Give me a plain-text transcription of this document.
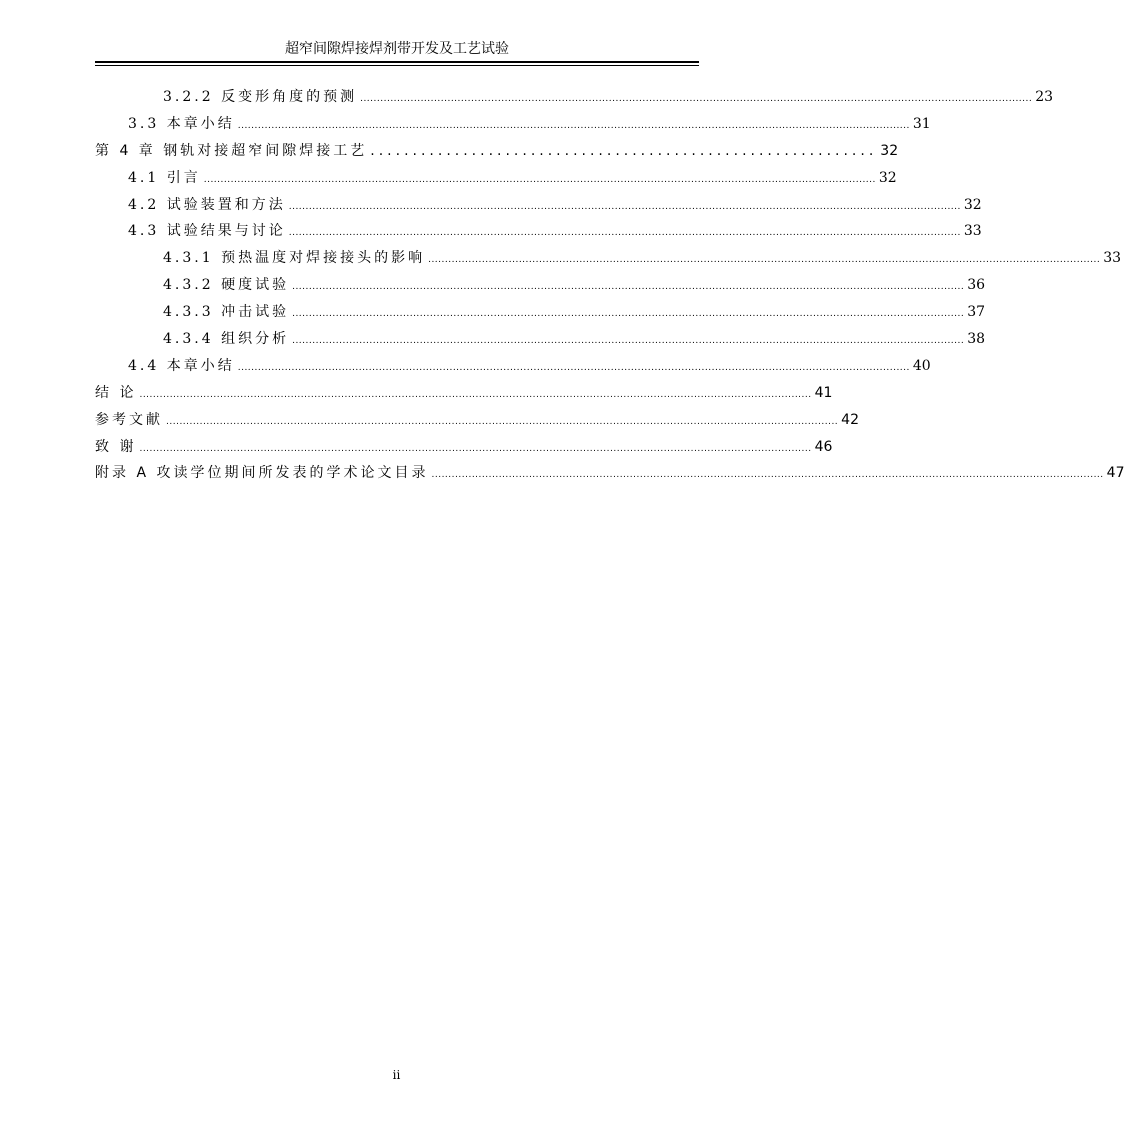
超窄间隙焊接焊剂带开发及工艺试验
3.2.2 反变形角度的预测 ........................................................................................................................................................................................................ 23
3.3 本章小结 ........................................................................................................................................................................................................ 31
第 4 章 钢轨对接超窄间隙焊接工艺 ............................................................ 32
4.1 引言 ........................................................................................................................................................................................................ 32
4.2 试验装置和方法 ........................................................................................................................................................................................................ 32
4.3 试验结果与讨论 ........................................................................................................................................................................................................ 33
4.3.1 预热温度对焊接接头的影响 ........................................................................................................................................................................................................ 33
4.3.2 硬度试验 ........................................................................................................................................................................................................ 36
4.3.3 冲击试验 ........................................................................................................................................................................................................ 37
4.3.4 组织分析 ........................................................................................................................................................................................................ 38
4.4 本章小结 ........................................................................................................................................................................................................ 40
结 论 ........................................................................................................................................................................................................ 41
参考文献 ........................................................................................................................................................................................................ 42
致 谢 ........................................................................................................................................................................................................ 46
附录 A 攻读学位期间所发表的学术论文目录 ........................................................................................................................................................................................................ 47
ii
